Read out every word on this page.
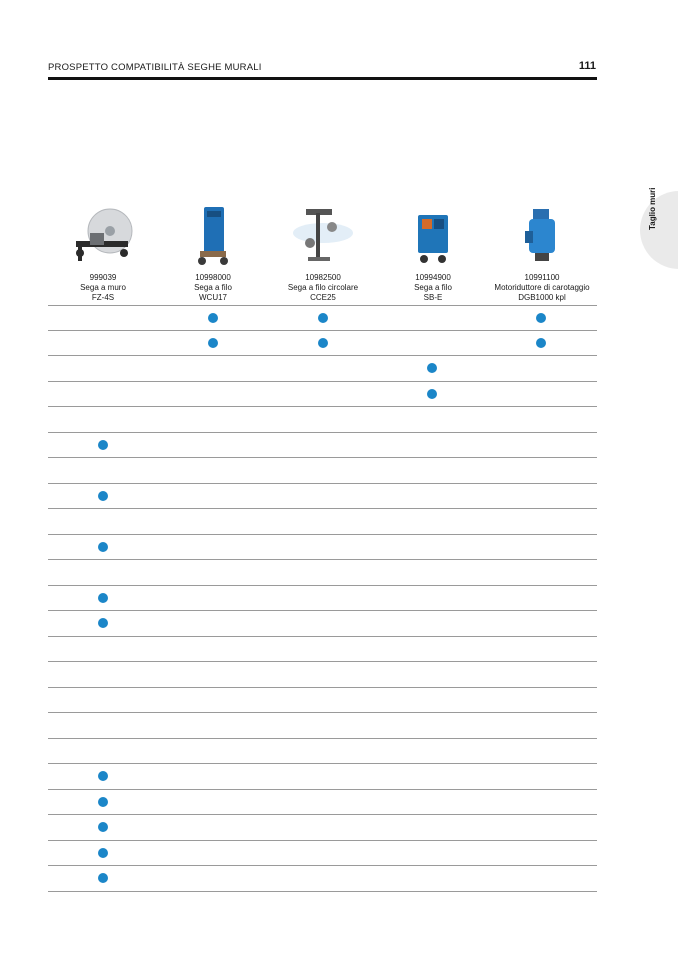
PROSPETTO COMPATIBILITÀ SEGHE MURALI	111
Taglio muri
999039
Sega a muro
FZ-4S
10998000
Sega a filo
WCU17
10982500
Sega a filo circolare
CCE25
10994900
Sega a filo
SB-E
10991100
Motoriduttore di carotaggio
DGB1000 kpl
